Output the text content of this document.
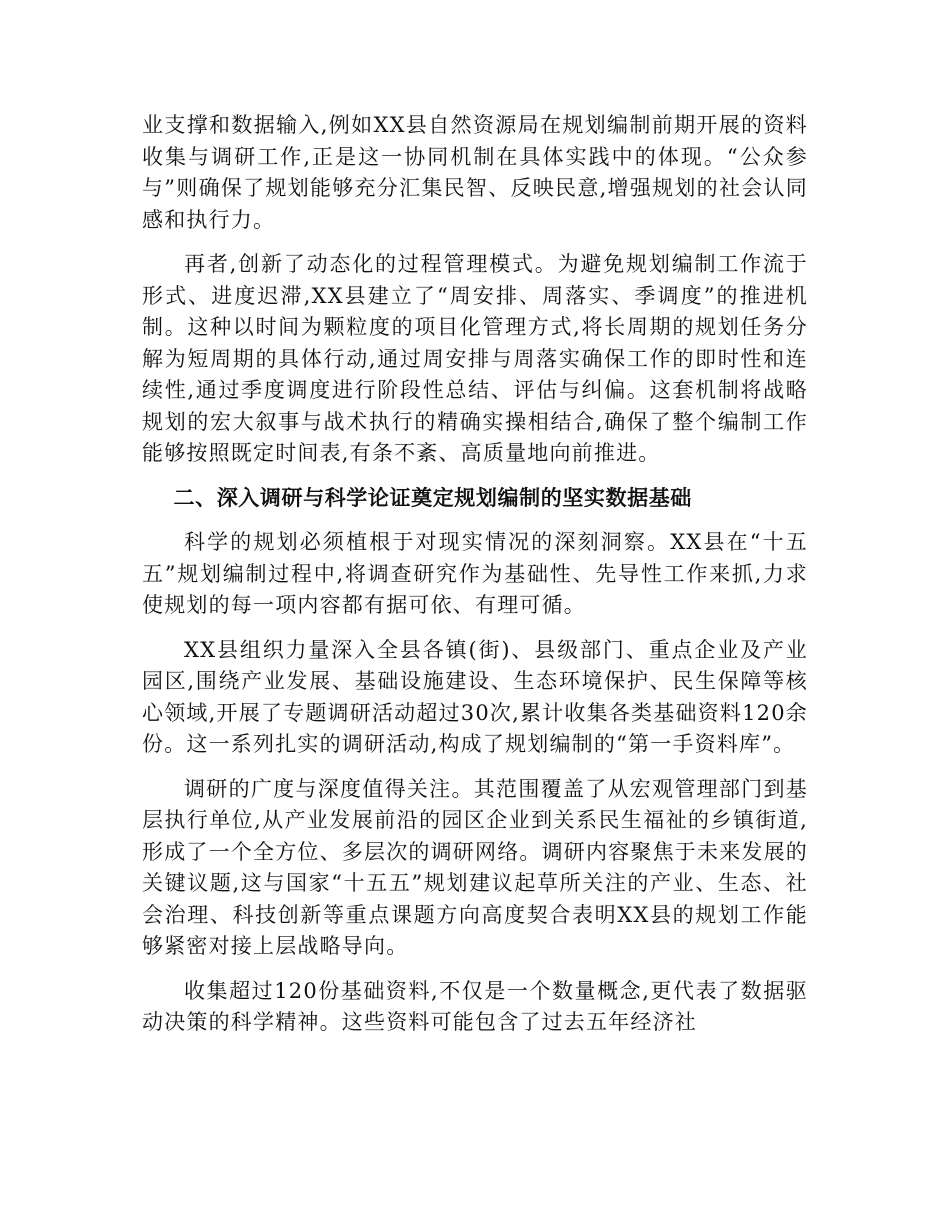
业支撑和数据输入,例如XX县自然资源局在规划编制前期开展的资料收集与调研工作,正是这一协同机制在具体实践中的体现。“公众参与”则确保了规划能够充分汇集民智、反映民意,增强规划的社会认同感和执行力。

再者,创新了动态化的过程管理模式。为避免规划编制工作流于形式、进度迟滞,XX县建立了“周安排、周落实、季调度”的推进机制。这种以时间为颗粒度的项目化管理方式,将长周期的规划任务分解为短周期的具体行动,通过周安排与周落实确保工作的即时性和连续性,通过季度调度进行阶段性总结、评估与纠偏。这套机制将战略规划的宏大叙事与战术执行的精确实操相结合,确保了整个编制工作能够按照既定时间表,有条不紊、高质量地向前推进。

二、深入调研与科学论证奠定规划编制的坚实数据基础

科学的规划必须植根于对现实情况的深刻洞察。XX县在“十五五”规划编制过程中,将调查研究作为基础性、先导性工作来抓,力求使规划的每一项内容都有据可依、有理可循。

XX县组织力量深入全县各镇(街)、县级部门、重点企业及产业园区,围绕产业发展、基础设施建设、生态环境保护、民生保障等核心领域,开展了专题调研活动超过30次,累计收集各类基础资料120余份。这一系列扎实的调研活动,构成了规划编制的“第一手资料库”。

调研的广度与深度值得关注。其范围覆盖了从宏观管理部门到基层执行单位,从产业发展前沿的园区企业到关系民生福祉的乡镇街道,形成了一个全方位、多层次的调研网络。调研内容聚焦于未来发展的关键议题,这与国家“十五五”规划建议起草所关注的产业、生态、社会治理、科技创新等重点课题方向高度契合表明XX县的规划工作能够紧密对接上层战略导向。

收集超过120份基础资料,不仅是一个数量概念,更代表了数据驱动决策的科学精神。这些资料可能包含了过去五年经济社
